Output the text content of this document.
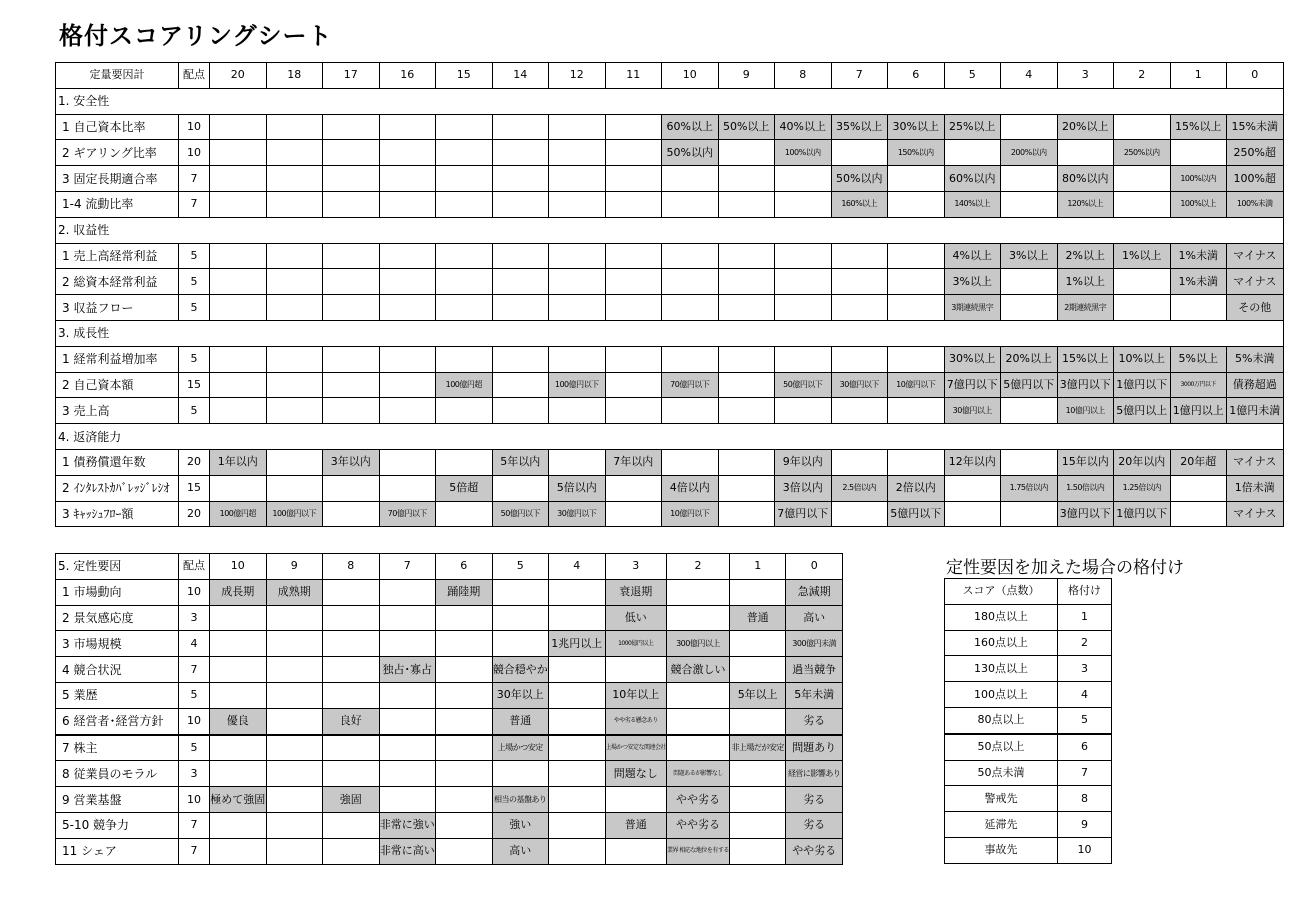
格付スコアリングシート
定量要因計	配点	20	18	17	16	15	14	12	11	10	9	8	7	6	5	4	3	2	1	0
1. 安全性																				
1 自己資本比率	10									60%以上	50%以上	40%以上	35%以上	30%以上	25%以上		20%以上		15%以上	15%未満
2 ギアリング比率	10									50%以内		100%以内		150%以内		200%以内		250%以内		250%超
3 固定長期適合率	7												50%以内		60%以内		80%以内		100%以内	100%超
1-4 流動比率	7												160%以上		140%以上		120%以上		100%以上	100%未満
2. 収益性																				
1 売上高経常利益	5														4%以上	3%以上	2%以上	1%以上	1%未満	マイナス
2 総資本経常利益	5														3%以上		1%以上		1%未満	マイナス
3 収益フロー	5														3期連続黒字		2期連続黒字			その他
3. 成長性																				
1 経常利益増加率	5														30%以上	20%以上	15%以上	10%以上	5%以上	5%未満
2 自己資本額	15					100億円超		100億円以下		70億円以下		50億円以下	30億円以下	10億円以下	7億円以下	5億円以下	3億円以下	1億円以下	3000万円以下	債務超過
3 売上高	5														30億円以上		10億円以上	5億円以上	1億円以上	1億円未満
4. 返済能力																				
1 債務償還年数	20	1年以内		3年以内			5年以内		7年以内			9年以内			12年以内		15年以内	20年以内	20年超	マイナス
2 ｲﾝﾀﾚｽﾄｶﾊﾞﾚｯｼﾞﾚｼｵ	15					5倍超		5倍以内		4倍以内		3倍以内	2.5倍以内	2倍以内		1.75倍以内	1.50倍以内	1.25倍以内		1倍未満
3 ｷｬｯｼｭﾌﾛｰ額	20	100億円超	100億円以下		70億円以下		50億円以下	30億円以下		10億円以下		7億円以下		5億円以下			3億円以下	1億円以下		マイナス
5. 定性要因	配点	10	9	8	7	6	5	4	3	2	1	0
1 市場動向	10	成長期	成熟期			踊陸期			衰退期			急減期
2 景気感応度	3								低い		普通	高い
3 市場規模	4							1兆円以上	1000億円以上	300億円以上		300億円未満
4 競合状況	7				独占･寡占		競合穏やか			競合激しい		過当競争
5 業歴	5						30年以上		10年以上		5年以上	5年未満
6 経営者･経営方針	10	優良		良好			普通		やや劣る懸念あり			劣る
7 株主	5						上場かつ安定		上場かつ安定な関連会社		非上場だが安定	問題あり
8 従業員のモラル	3								問題なし	問題あるが影響なし		経営に影響あり
9 営業基盤	10	極めて強固		強固			相当の基盤あり			やや劣る		劣る
5-10 競争力	7				非常に強い		強い		普通	やや劣る		劣る
11 シェア	7				非常に高い		高い			業界 相応な地位を有する		やや劣る
定性要因を加えた場合の格付け
スコア（点数）	格付け
180点以上	1
160点以上	2
130点以上	3
100点以上	4
80点以上	5
50点以上	6
50点未満	7
警戒先	8
延滞先	9
事故先	10
